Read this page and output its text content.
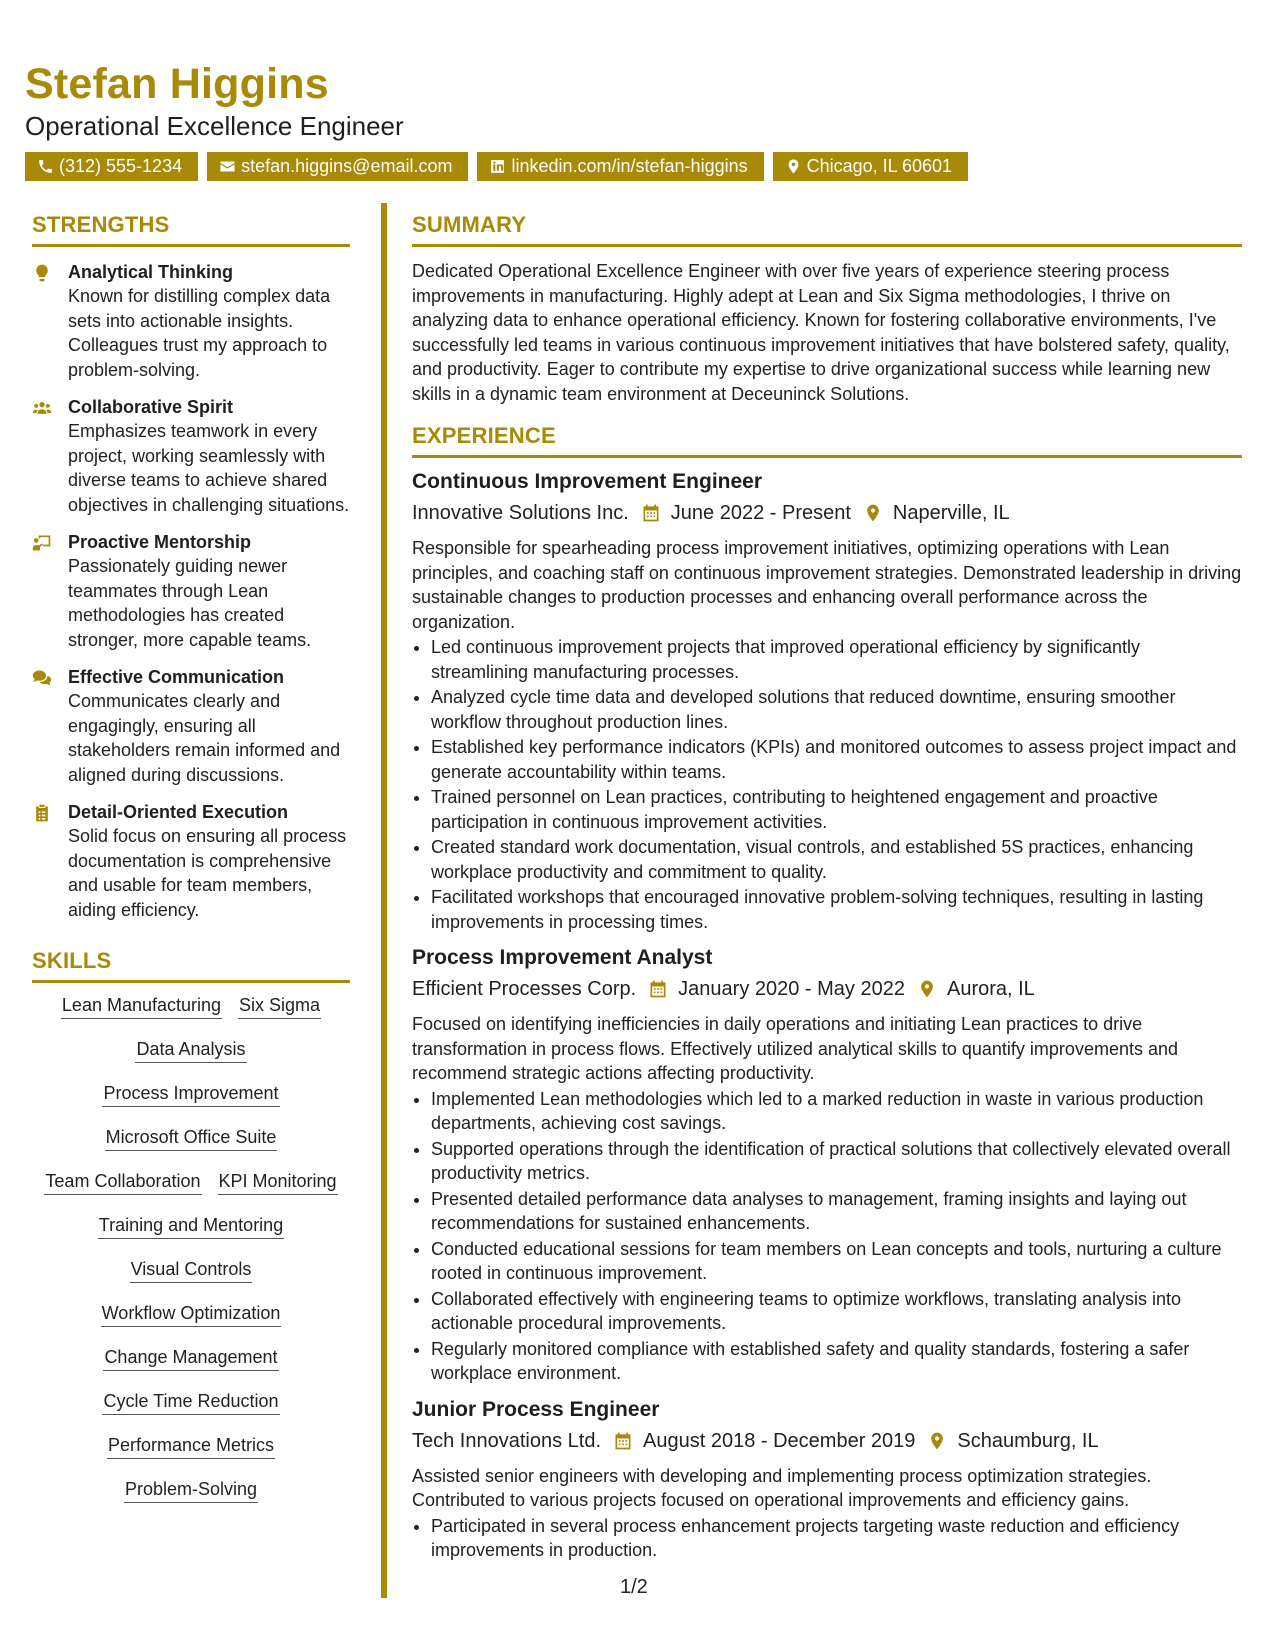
Stefan Higgins
Operational Excellence Engineer
(312) 555-1234	stefan.higgins@email.com	linkedin.com/in/stefan-higgins	Chicago, IL 60601
STRENGTHS
Analytical Thinking
Known for distilling complex data sets into actionable insights. Colleagues trust my approach to problem-solving.
Collaborative Spirit
Emphasizes teamwork in every project, working seamlessly with diverse teams to achieve shared objectives in challenging situations.
Proactive Mentorship
Passionately guiding newer teammates through Lean methodologies has created stronger, more capable teams.
Effective Communication
Communicates clearly and engagingly, ensuring all stakeholders remain informed and aligned during discussions.
Detail-Oriented Execution
Solid focus on ensuring all process documentation is comprehensive and usable for team members, aiding efficiency.
SKILLS
Lean Manufacturing Six Sigma
Data Analysis
Process Improvement
Microsoft Office Suite
Team Collaboration KPI Monitoring
Training and Mentoring
Visual Controls
Workflow Optimization
Change Management
Cycle Time Reduction
Performance Metrics
Problem-Solving
SUMMARY
Dedicated Operational Excellence Engineer with over five years of experience steering process improvements in manufacturing. Highly adept at Lean and Six Sigma methodologies, I thrive on analyzing data to enhance operational efficiency. Known for fostering collaborative environments, I've successfully led teams in various continuous improvement initiatives that have bolstered safety, quality, and productivity. Eager to contribute my expertise to drive organizational success while learning new skills in a dynamic team environment at Deceuninck Solutions.
EXPERIENCE
Continuous Improvement Engineer
Innovative Solutions Inc. June 2022 - Present Naperville, IL
Responsible for spearheading process improvement initiatives, optimizing operations with Lean principles, and coaching staff on continuous improvement strategies. Demonstrated leadership in driving sustainable changes to production processes and enhancing overall performance across the organization.
• Led continuous improvement projects that improved operational efficiency by significantly streamlining manufacturing processes.
• Analyzed cycle time data and developed solutions that reduced downtime, ensuring smoother workflow throughout production lines.
• Established key performance indicators (KPIs) and monitored outcomes to assess project impact and generate accountability within teams.
• Trained personnel on Lean practices, contributing to heightened engagement and proactive participation in continuous improvement activities.
• Created standard work documentation, visual controls, and established 5S practices, enhancing workplace productivity and commitment to quality.
• Facilitated workshops that encouraged innovative problem-solving techniques, resulting in lasting improvements in processing times.
Process Improvement Analyst
Efficient Processes Corp. January 2020 - May 2022 Aurora, IL
Focused on identifying inefficiencies in daily operations and initiating Lean practices to drive transformation in process flows. Effectively utilized analytical skills to quantify improvements and recommend strategic actions affecting productivity.
• Implemented Lean methodologies which led to a marked reduction in waste in various production departments, achieving cost savings.
• Supported operations through the identification of practical solutions that collectively elevated overall productivity metrics.
• Presented detailed performance data analyses to management, framing insights and laying out recommendations for sustained enhancements.
• Conducted educational sessions for team members on Lean concepts and tools, nurturing a culture rooted in continuous improvement.
• Collaborated effectively with engineering teams to optimize workflows, translating analysis into actionable procedural improvements.
• Regularly monitored compliance with established safety and quality standards, fostering a safer workplace environment.
Junior Process Engineer
Tech Innovations Ltd. August 2018 - December 2019 Schaumburg, IL
Assisted senior engineers with developing and implementing process optimization strategies. Contributed to various projects focused on operational improvements and efficiency gains.
• Participated in several process enhancement projects targeting waste reduction and efficiency improvements in production.
1/2
